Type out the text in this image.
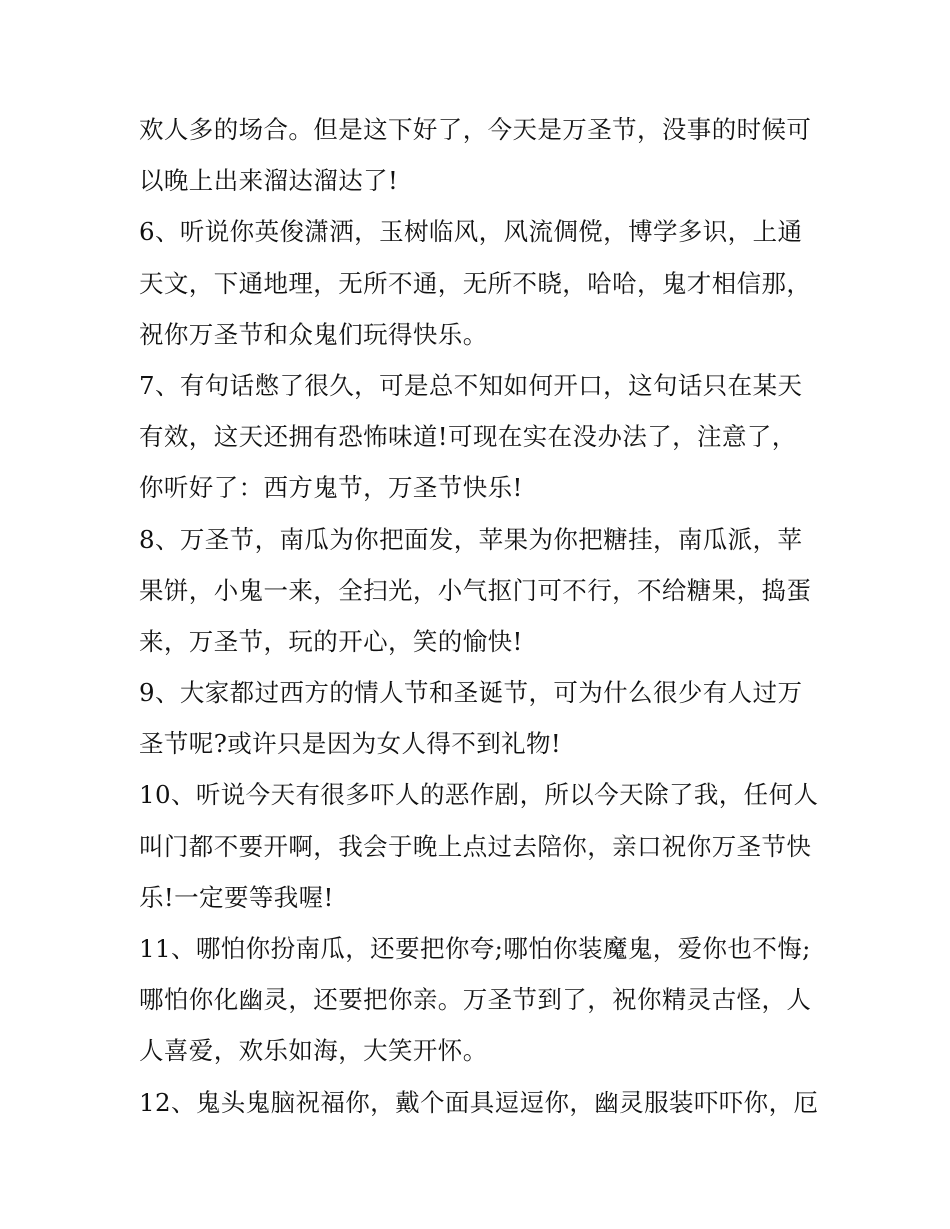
欢人多的场合。但是这下好了，今天是万圣节，没事的时候可
以晚上出来溜达溜达了!
6、听说你英俊潇洒，玉树临风，风流倜傥，博学多识，上通
天文，下通地理，无所不通，无所不晓，哈哈，鬼才相信那，
祝你万圣节和众鬼们玩得快乐。
7、有句话憋了很久，可是总不知如何开口，这句话只在某天
有效，这天还拥有恐怖味道!可现在实在没办法了，注意了，
你听好了：西方鬼节，万圣节快乐!
8、万圣节，南瓜为你把面发，苹果为你把糖挂，南瓜派，苹
果饼，小鬼一来，全扫光，小气抠门可不行，不给糖果，捣蛋
来，万圣节，玩的开心，笑的愉快!
9、大家都过西方的情人节和圣诞节，可为什么很少有人过万
圣节呢?或许只是因为女人得不到礼物!
10、听说今天有很多吓人的恶作剧，所以今天除了我，任何人
叫门都不要开啊，我会于晚上点过去陪你，亲口祝你万圣节快
乐!一定要等我喔!
11、哪怕你扮南瓜，还要把你夸;哪怕你装魔鬼，爱你也不悔;
哪怕你化幽灵，还要把你亲。万圣节到了，祝你精灵古怪，人
人喜爱，欢乐如海，大笑开怀。
12、鬼头鬼脑祝福你，戴个面具逗逗你，幽灵服装吓吓你，厄
